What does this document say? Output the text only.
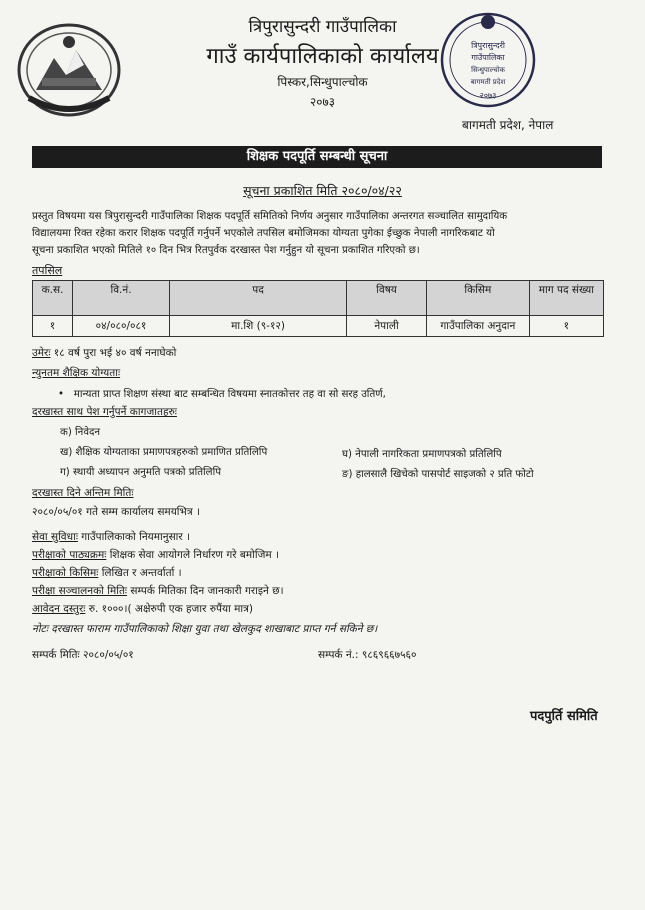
त्रिपुरासुन्दरी
गाउँपालिका
सिन्धुपाल्चोक
बागमती प्रदेश
२०७३
त्रिपुरासुन्दरी गाउँपालिका
गाउँ कार्यपालिकाको कार्यालय
पिस्कर,सिन्धुपाल्चोक
२०७३
बागमती प्रदेश, नेपाल
शिक्षक पदपूर्ति सम्बन्धी सूचना
सूचना प्रकाशित मिति २०८०/०४/२२
प्रस्तुत विषयमा यस त्रिपुरासुन्दरी गाउँपालिका शिक्षक पदपूर्ति समितिको निर्णय अनुसार गाउँपालिका अन्तरगत सञ्चालित सामुदायिक
विद्यालयमा रिक्त रहेका करार शिक्षक पदपूर्ति गर्नुपर्ने भएकोले तपसिल बमोजिमका योग्यता पुगेका ईच्छुक नेपाली नागरिकबाट यो
सूचना प्रकाशित भएको मितिले १० दिन भित्र रितपुर्वक दरखास्त पेश गर्नुहुन यो सूचना प्रकाशित गरिएको छ।
तपसिल
क.स.	वि.नं.	पद	विषय	किसिम	माग पद संख्या
१	०४/०८०/०८१	मा.शि (९-१२)	नेपाली	गाउँपालिका अनुदान	१
उमेरः १८ वर्ष पुरा भई ४० वर्ष ननाघेको
न्युनतम शैक्षिक योग्यताः
•   मान्यता प्राप्त शिक्षण संस्था बाट सम्बन्धित विषयमा स्नातकोत्तर तह वा सो सरह उतिर्ण,
दरखास्त साथ पेश गर्नुपर्ने कागजातहरुः
क) निवेदन
ख) शैक्षिक योग्यताका प्रमाणपत्रहरुको प्रमाणित प्रतिलिपि
ग) स्थायी अध्यापन अनुमति पत्रको प्रतिलिपि
घ) नेपाली नागरिकता प्रमाणपत्रको प्रतिलिपि
ङ) हालसालै खिचेको पासपोर्ट साइजको २ प्रति फोटो
दरखास्त दिने अन्तिम मितिः
२०८०/०५/०१ गते सम्म कार्यालय समयभित्र ।
सेवा सुविधाः गाउँपालिकाको नियमानुसार ।
परीक्षाको पाठ्यक्रमः शिक्षक सेवा आयोगले निर्धारण गरे बमोजिम ।
परीक्षाको किसिमः लिखित र अन्तर्वार्ता ।
परीक्षा सञ्चालनको मितिः सम्पर्क मितिका दिन जानकारी गराइने छ।
आवेदन दस्तुरः रु. १०००।( अक्षेरुपी एक हजार रुपैंया मात्र)
नोटः दरखास्त फाराम गाउँपालिकाको शिक्षा युवा तथा खेलकुद शाखाबाट प्राप्त गर्न सकिने छ।
सम्पर्क मितिः २०८०/०५/०१	सम्पर्क नं.: ९८६९६६७५६०
पदपुर्ति समिति
